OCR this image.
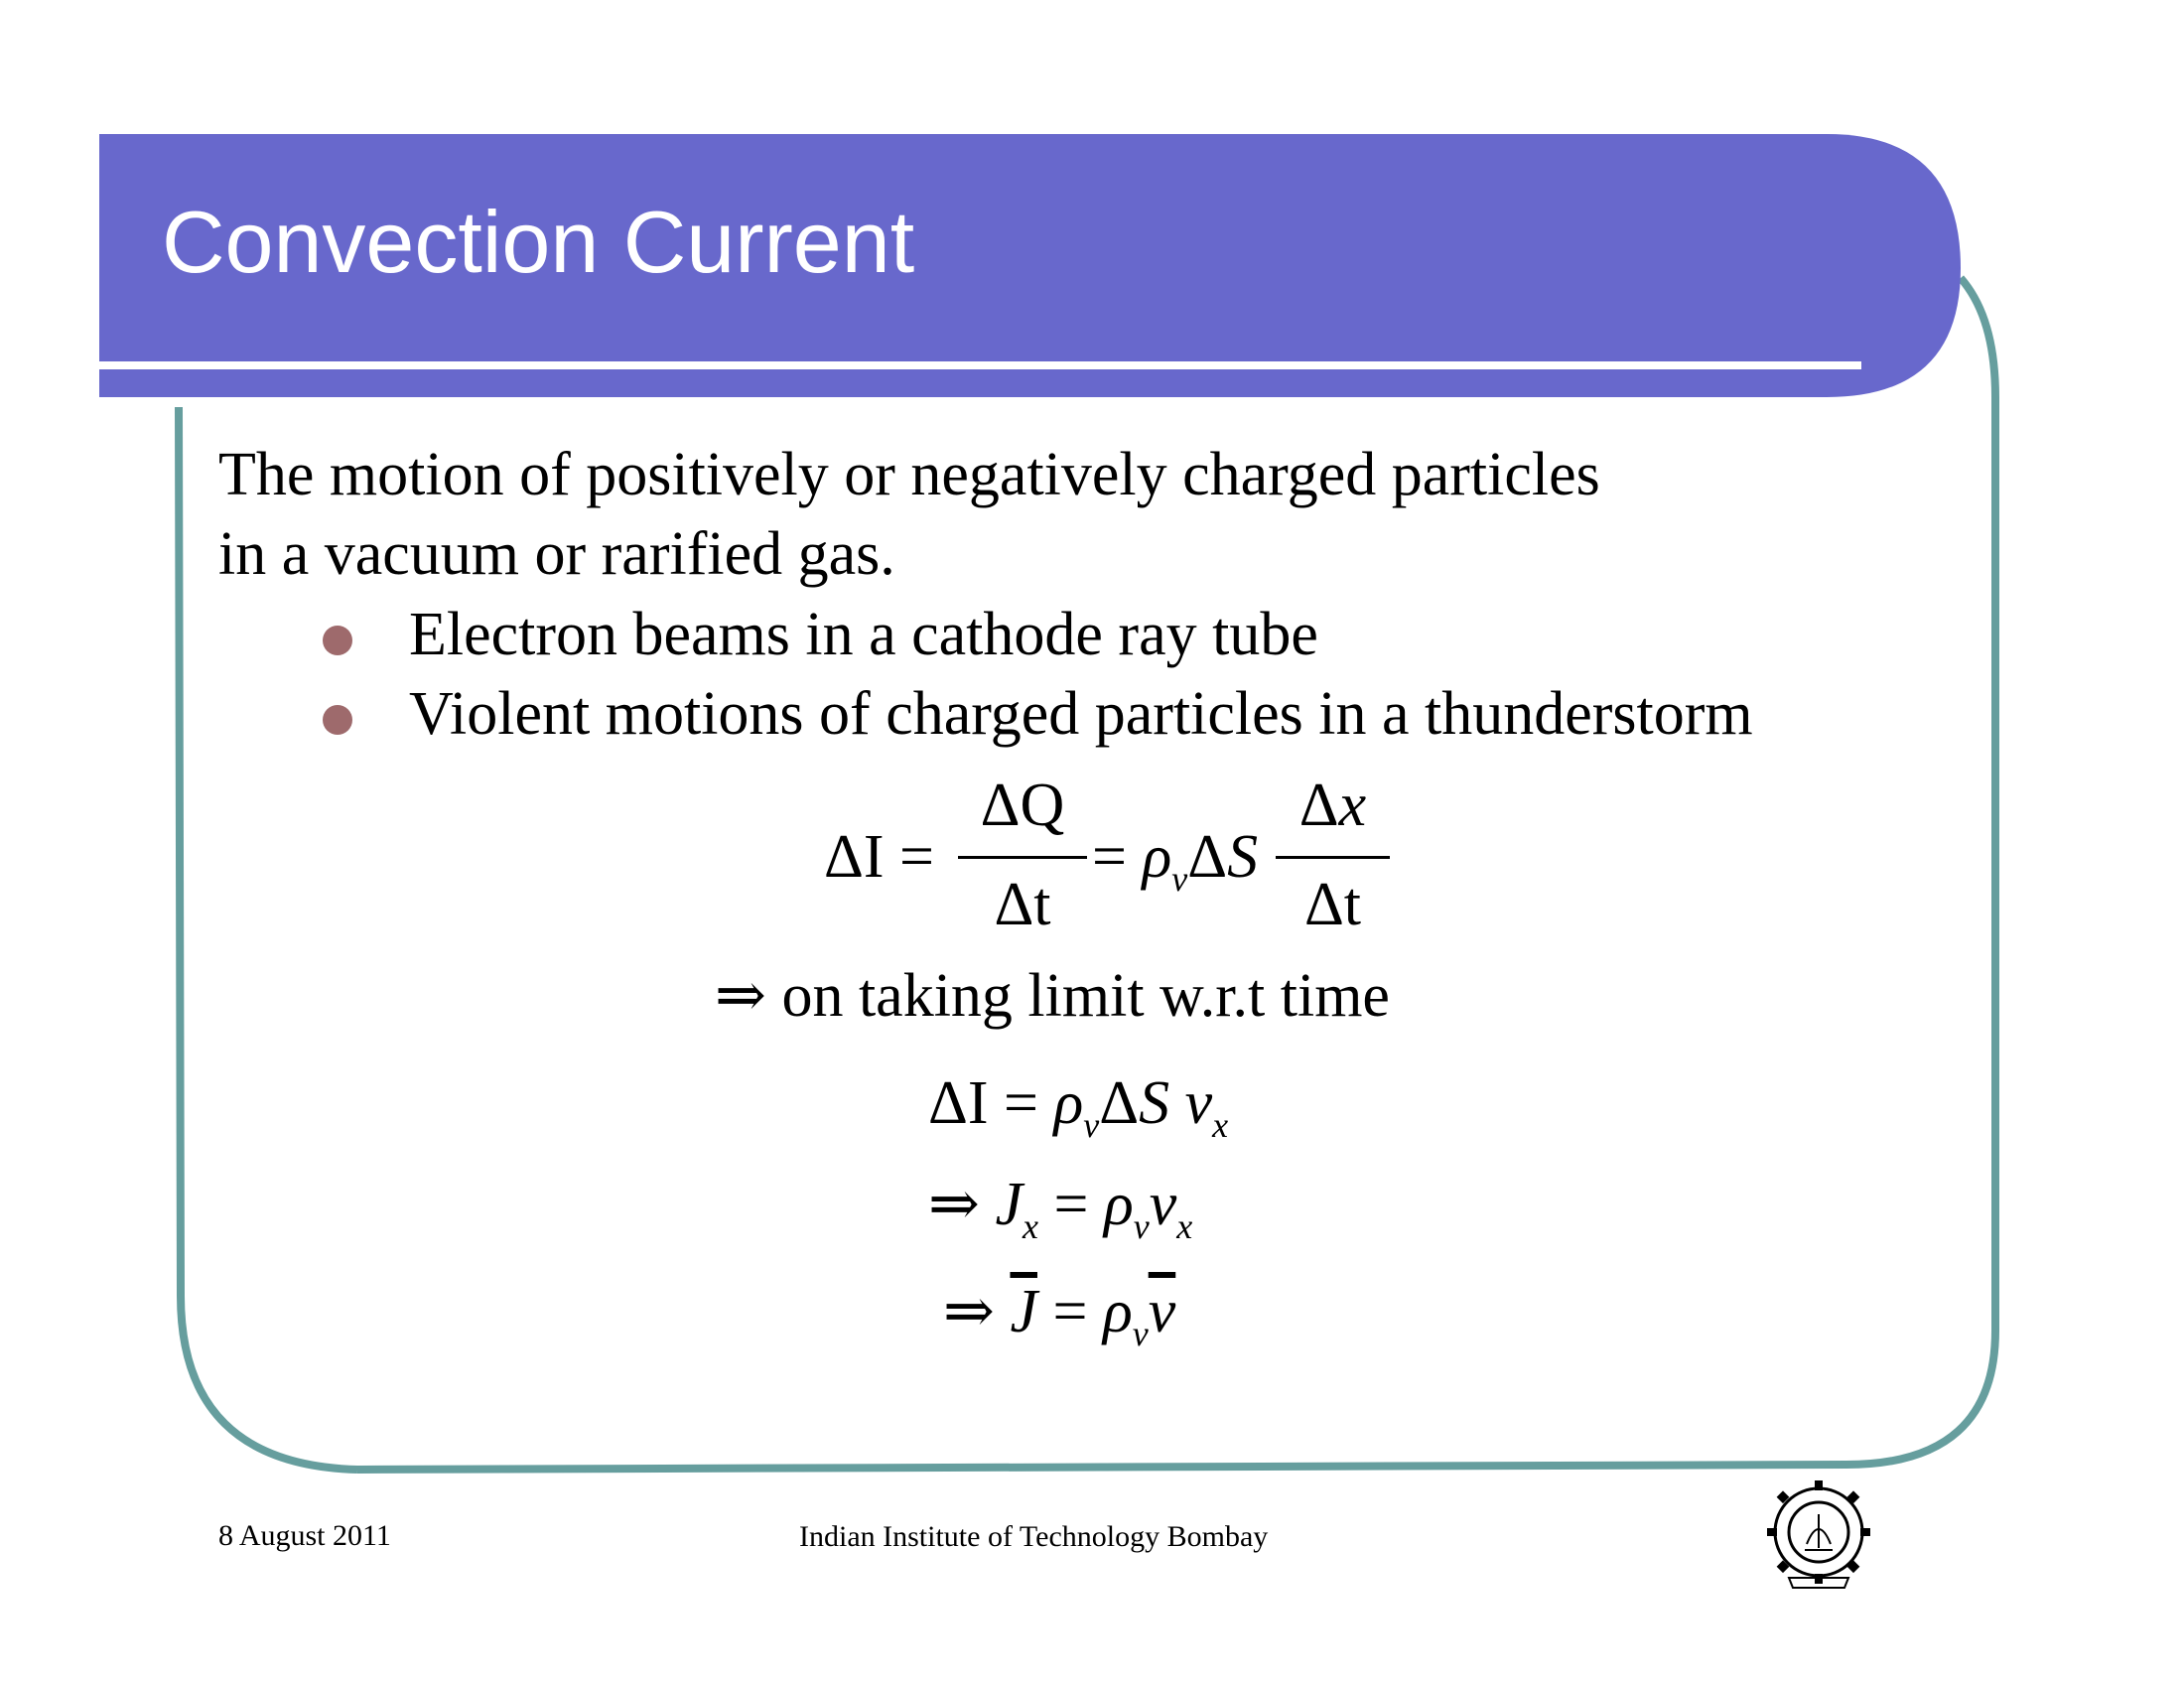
Convection Current
The motion of positively or negatively charged particles
in a vacuum or rarified gas.
Electron beams in a cathode ray tube
Violent motions of charged particles in a thunderstorm
ΔI =
ΔQ
Δt
= $\rho_v\Delta S$
Δx
Δt
⇒ on taking limit w.r.t time
$\Delta I = \rho_v\Delta S$ $v_x$
⇒ $J_x = \rho_vv_x$
⇒ $\overline{J} = \rho_v\overline{v}$
8 August 2011	Indian Institute of Technology Bombay
